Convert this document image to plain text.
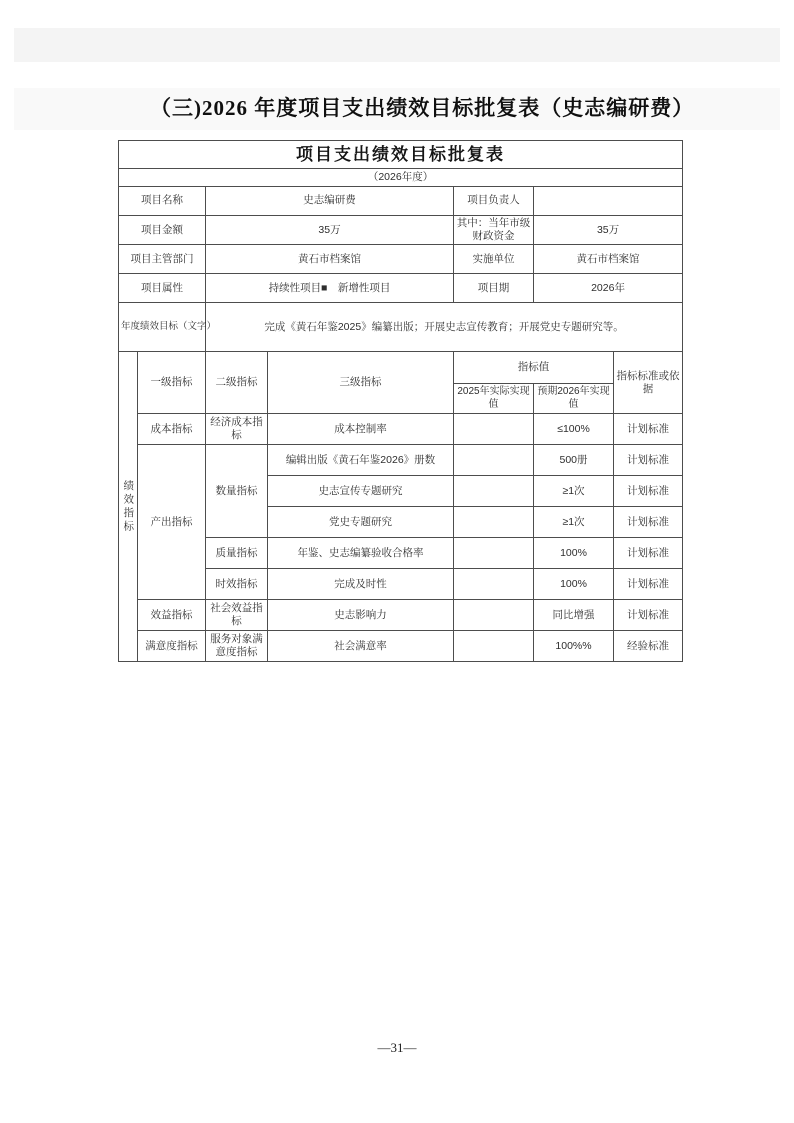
（三)2026 年度项目支出绩效目标批复表（史志编研费）
项目支出绩效目标批复表						
（2026年度）						
项目名称		史志编研费		项目负责人		
项目金额		35万		其中：当年市级财政资金	35万	
项目主管部门		黄石市档案馆		实施单位	黄石市档案馆	
项目属性		持续性项目■　新增性项目		项目期	2026年	
年度绩效目标（文字）		完成《黄石年鉴2025》编纂出版；开展史志宣传教育；开展党史专题研究等。				

绩效指标	一级指标	二级指标	三级指标	指标值		指标标准或依据
				2025年实际实现值	预期2026年实现值	
	成本指标	经济成本指标	成本控制率		≤100%	计划标准
	产出指标	数量指标	编辑出版《黄石年鉴2026》册数		500册	计划标准
			史志宣传专题研究		≥1次	计划标准
			党史专题研究		≥1次	计划标准
		质量指标	年鉴、史志编纂验收合格率		100%	计划标准
		时效指标	完成及时性		100%	计划标准
	效益指标	社会效益指标	史志影响力		同比增强	计划标准
	满意度指标	服务对象满意度指标	社会满意率		100%%	经验标准
—31—
